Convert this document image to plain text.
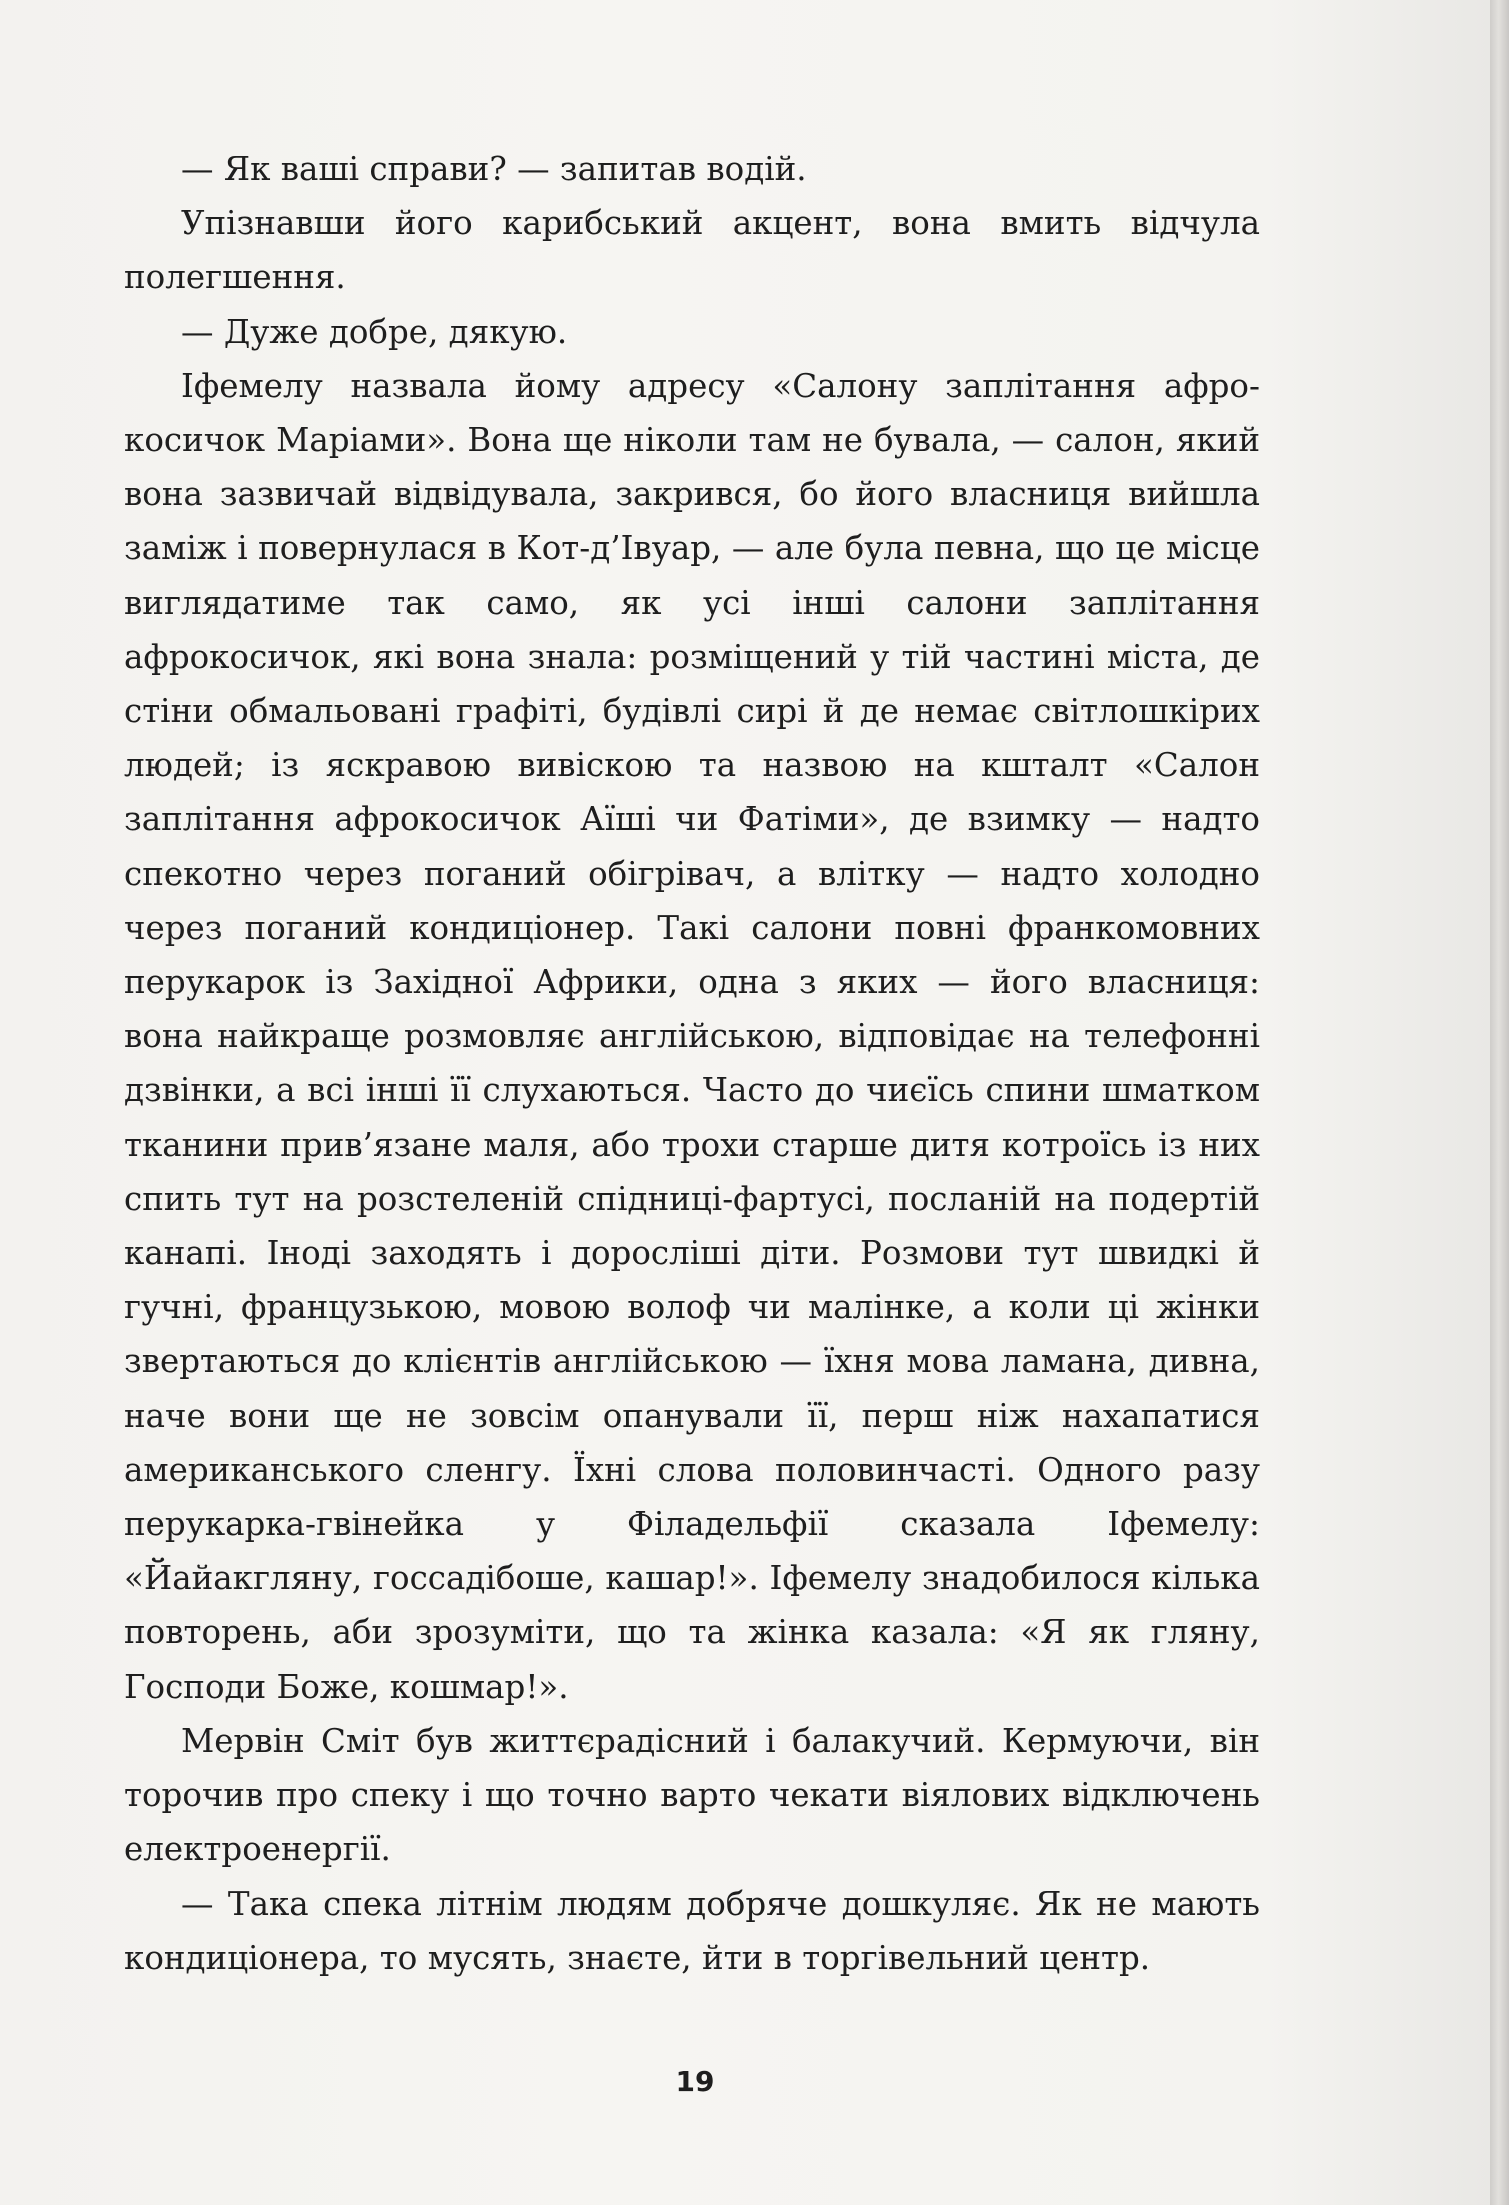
— Як ваші справи? — запитав водій.

Упізнавши його карибський акцент, вона вмить відчула полегшення.

— Дуже добре, дякую.

Іфемелу назвала йому адресу «Салону заплітання афрокосичок Маріами». Вона ще ніколи там не бувала, — салон, який вона зазвичай відвідувала, закрився, бо його власниця вийшла заміж і повернулася в Кот-д’Івуар, — але була певна, що це місце виглядатиме так само, як усі інші салони заплітання афрокосичок, які вона знала: розміщений у тій частині міста, де стіни обмальовані графіті, будівлі сирі й де немає світлошкірих людей; із яскравою вивіскою та назвою на кшталт «Салон заплітання афрокосичок Аїші чи Фатіми», де взимку — надто спекотно через поганий обігрівач, а влітку — надто холодно через поганий кондиціонер. Такі салони повні франкомовних перукарок із Західної Африки, одна з яких — його власниця: вона найкраще розмовляє англійською, відповідає на телефонні дзвінки, а всі інші її слухаються. Часто до чиєїсь спини шматком тканини прив’язане маля, або трохи старше дитя котроїсь із них спить тут на розстеленій спідниці-фартусі, посланій на подертій канапі. Іноді заходять і доросліші діти. Розмови тут швидкі й гучні, французькою, мовою волоф чи малінке, а коли ці жінки звертаються до клієнтів англійською — їхня мова ламана, дивна, наче вони ще не зовсім опанували її, перш ніж нахапатися американського сленгу. Їхні слова половинчасті. Одного разу перукарка-гвінейка у Філадельфії сказала Іфемелу: «Йайакгляну, госсадібоше, кашар!». Іфемелу знадобилося кілька повторень, аби зрозуміти, що та жінка казала: «Я як гляну, Господи Боже, кошмар!».

Мервін Сміт був життєрадісний і балакучий. Кермуючи, він торочив про спеку і що точно варто чекати віялових відключень електроенергії.

— Така спека літнім людям добряче дошкуляє. Як не мають кондиціонера, то мусять, знаєте, йти в торгівельний центр.

19
